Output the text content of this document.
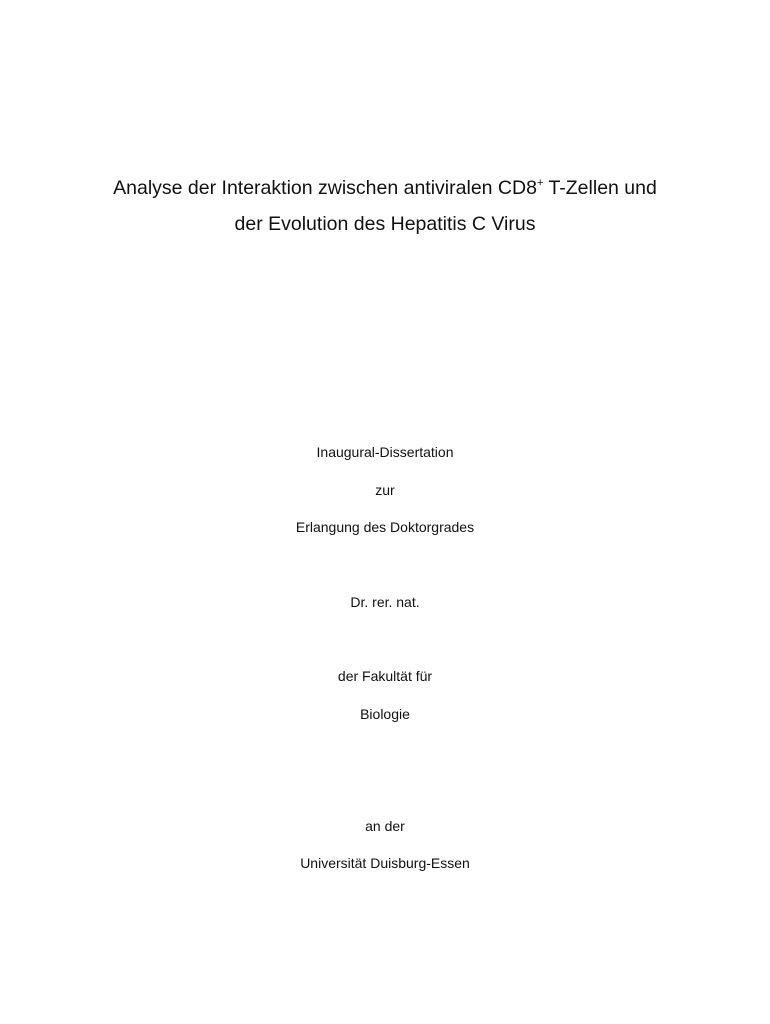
Analyse der Interaktion zwischen antiviralen CD8+ T-Zellen und
der Evolution des Hepatitis C Virus
Inaugural-Dissertation
zur
Erlangung des Doktorgrades
Dr. rer. nat.
der Fakultät für
Biologie
an der
Universität Duisburg-Essen
